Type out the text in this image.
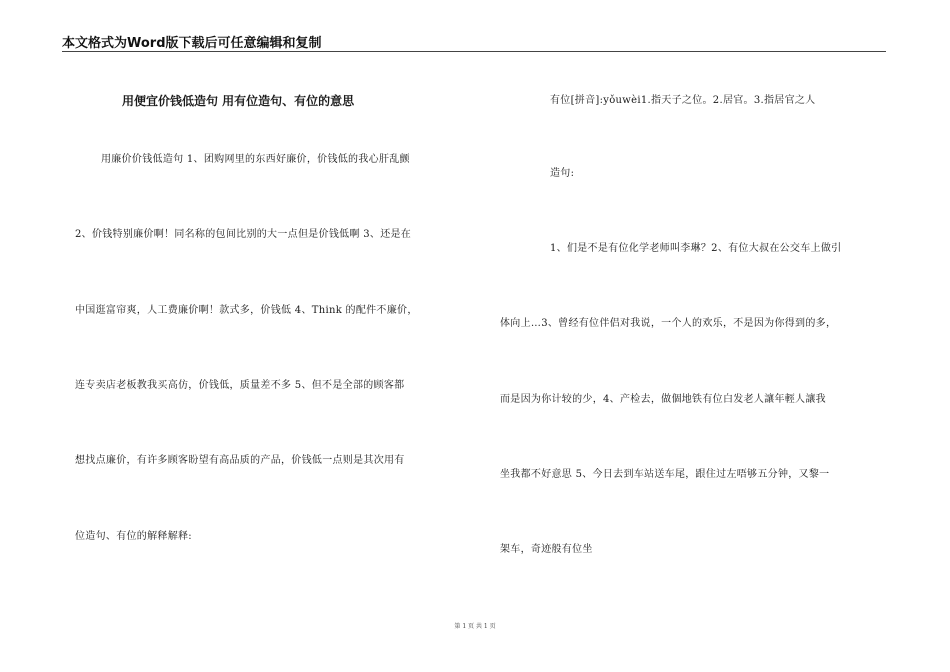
本文格式为Word版下载后可任意编辑和复制
用便宜价钱低造句 用有位造句、有位的意思
用廉价价钱低造句 1、团购网里的东西好廉价，价钱低的我心肝乱颤
2、价钱特别廉价啊！同名称的包间比别的大一点但是价钱低啊 3、还是在
中国逛富帘爽，人工费廉价啊！款式多，价钱低 4、Think 的配件不廉价，
连专卖店老板教我买高仿，价钱低，质量差不多 5、但不是全部的顾客都
想找点廉价，有许多顾客盼望有高品质的产品，价钱低一点则是其次用有
位造句、有位的解释解释:
有位[拼音]:yǒuwèi1.指天子之位。2.居官。3.指居官之人
造句:
1、们是不是有位化学老师叫李琳？2、有位大叔在公交车上做引
体向上…3、曾经有位伴侣对我说，一个人的欢乐，不是因为你得到的多，
而是因为你计较的少，4、产检去，做個地铁有位白发老人讓年輕人讓我
坐我都不好意思 5、今日去到车站送车尾，跟住过左唔够五分钟，又黎一
架车，奇迹般有位坐
第 1 页 共 1 页
